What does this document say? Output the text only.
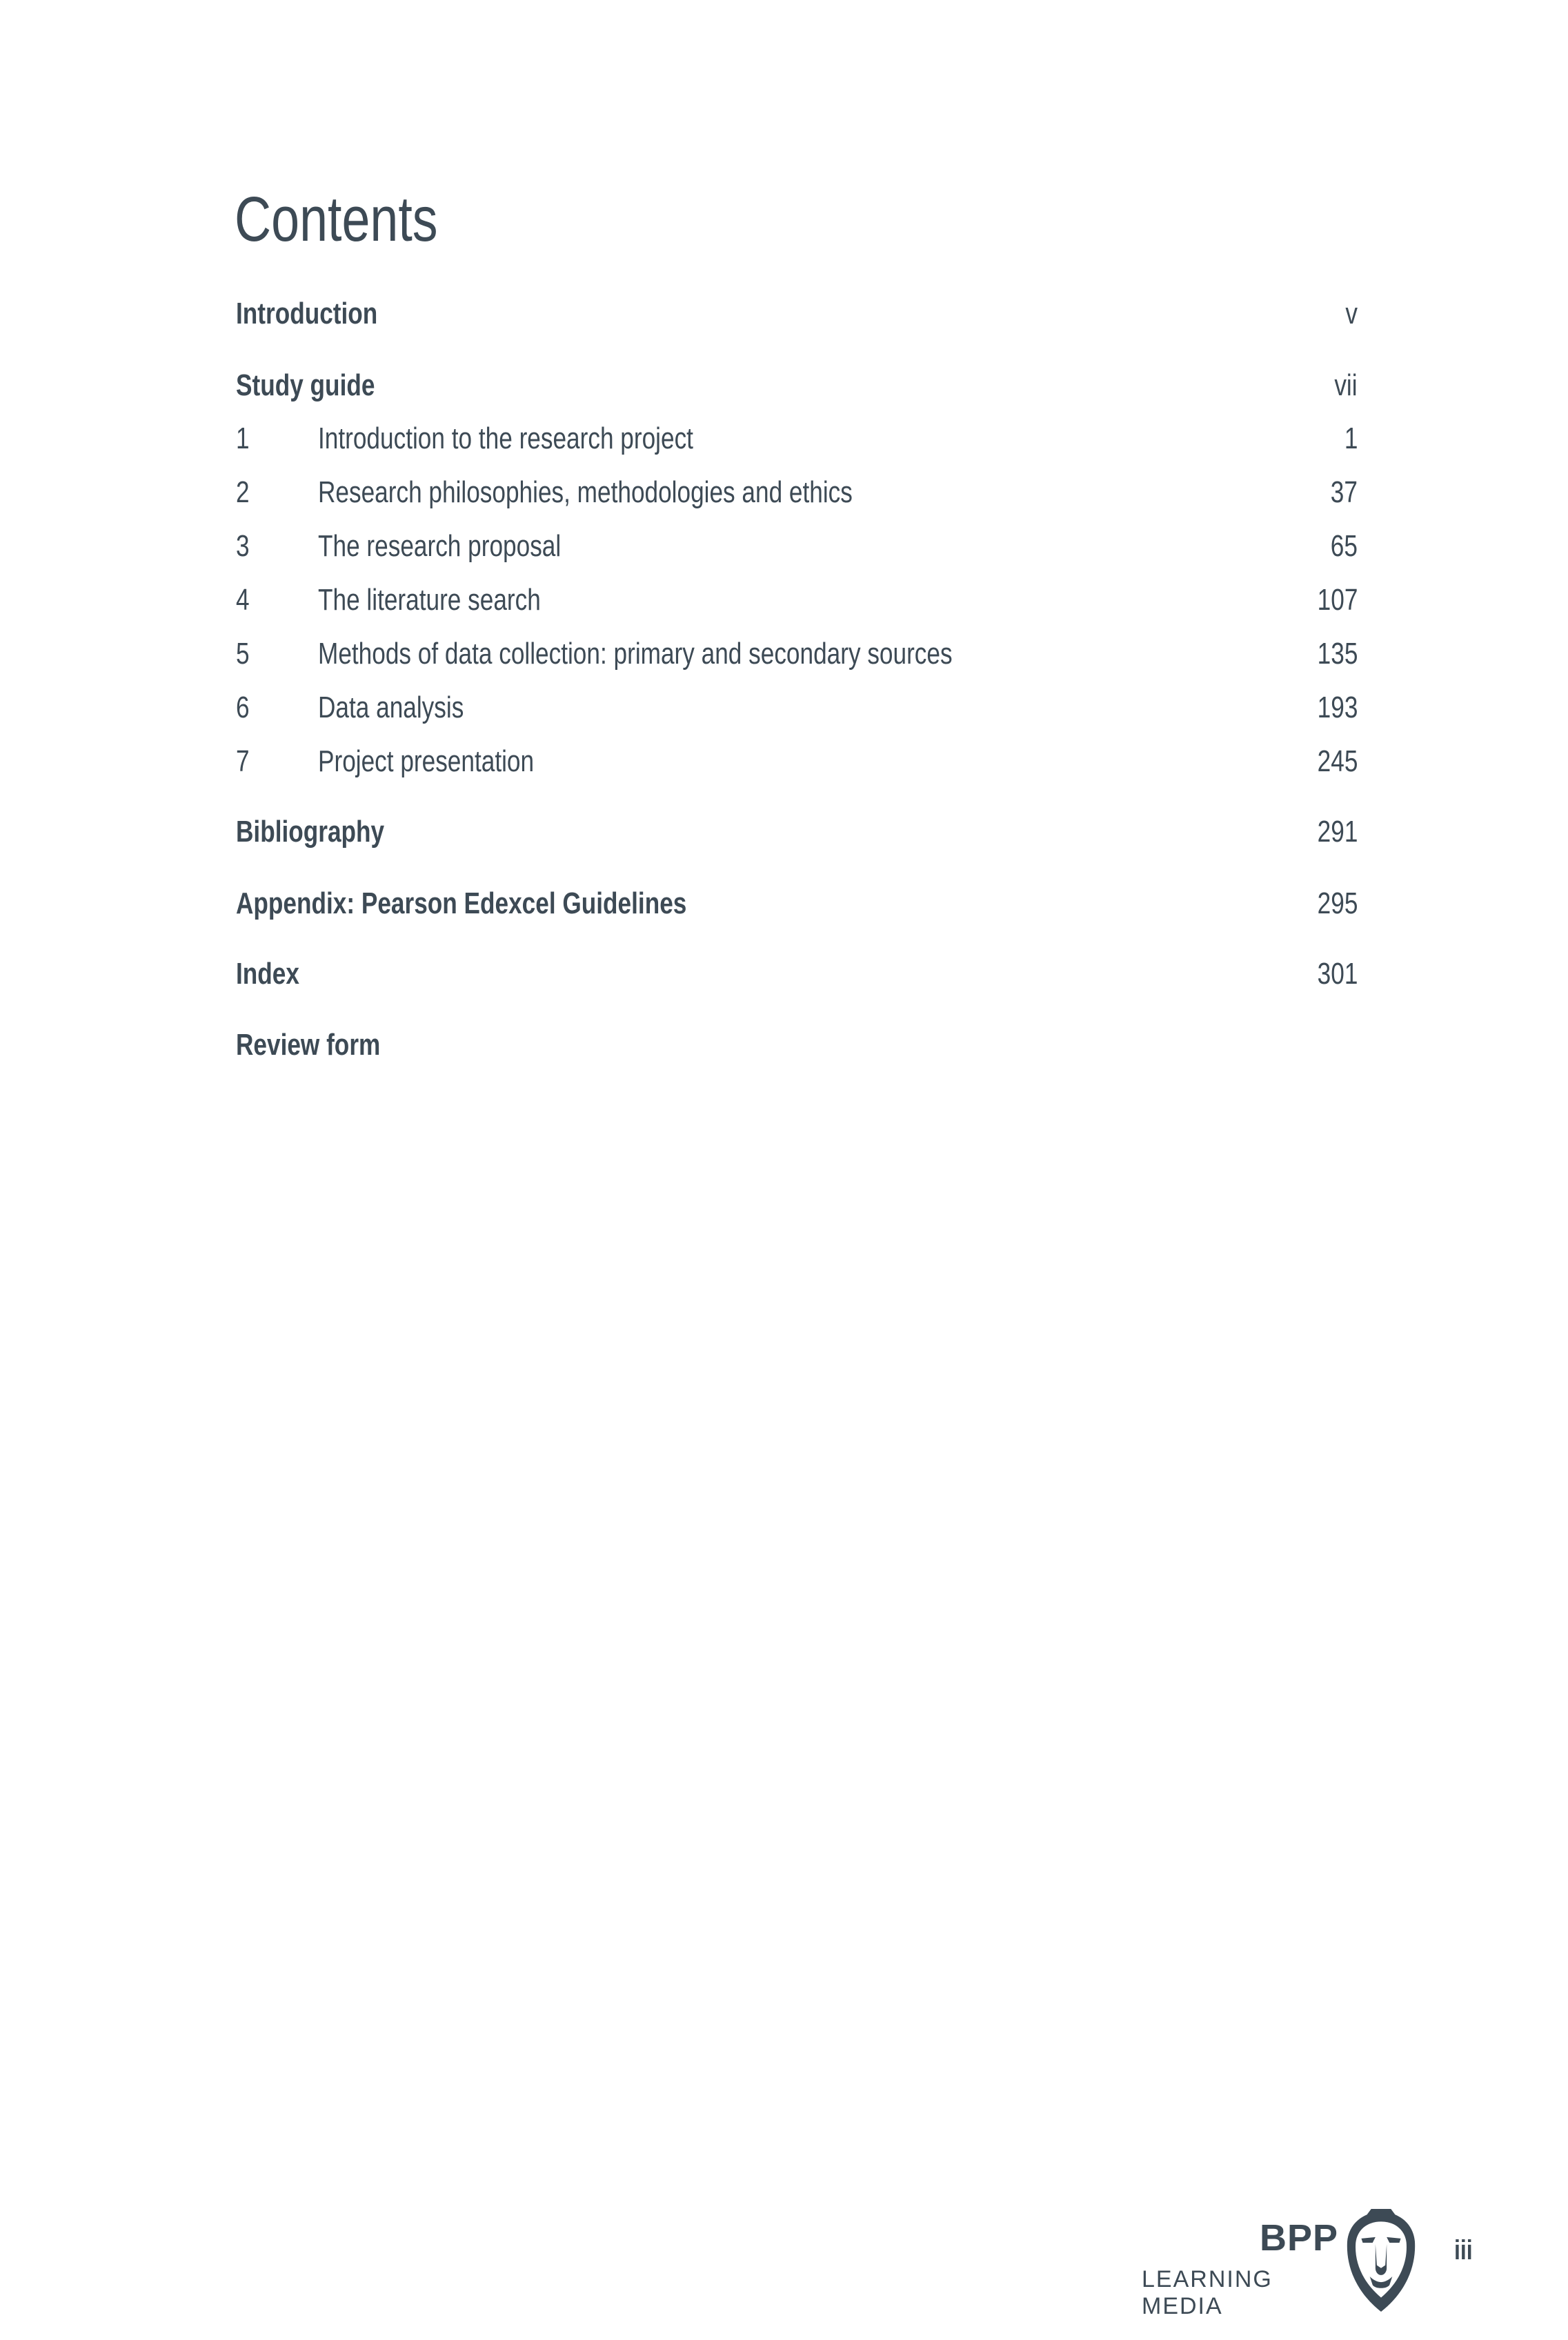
Contents
Introduction	v
Study guide	vii
1 Introduction to the research project	1
2 Research philosophies, methodologies and ethics	37
3 The research proposal	65
4 The literature search	107
5 Methods of data collection: primary and secondary sources	135
6 Data analysis	193
7 Project presentation	245
Bibliography	291
Appendix: Pearson Edexcel Guidelines	295
Index	301
Review form
BPP
LEARNING MEDIA
iii
